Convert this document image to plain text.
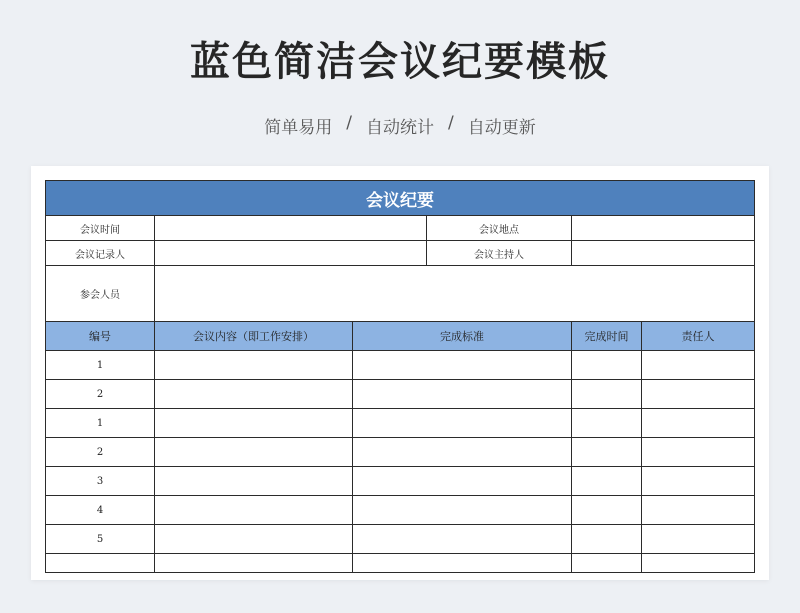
蓝色简洁会议纪要模板
简单易用 / 自动统计 / 自动更新
会议纪要					
会议时间			会议地点		
会议记录人			会议主持人		
参会人员					
编号	会议内容（即工作安排）	完成标准		完成时间	责任人
1					
2					
1					
2					
3					
4					
5					
